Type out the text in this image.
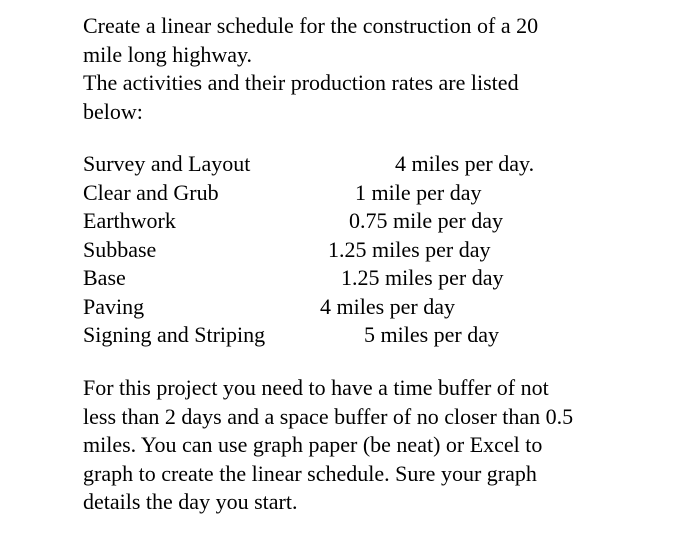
Create a linear schedule for the construction of a 20

mile long highway.

The activities and their production rates are listed

below:

Survey and Layout	4 miles per day.
Clear and Grub	1 mile per day
Earthwork	0.75 mile per day
Subbase	1.25 miles per day
Base	1.25 miles per day
Paving	4 miles per day
Signing and Striping	5 miles per day
For this project you need to have a time buffer of not
less than 2 days and a space buffer of no closer than 0.5
miles. You can use graph paper (be neat) or Excel to
graph to create the linear schedule. Sure your graph
details the day you start.
